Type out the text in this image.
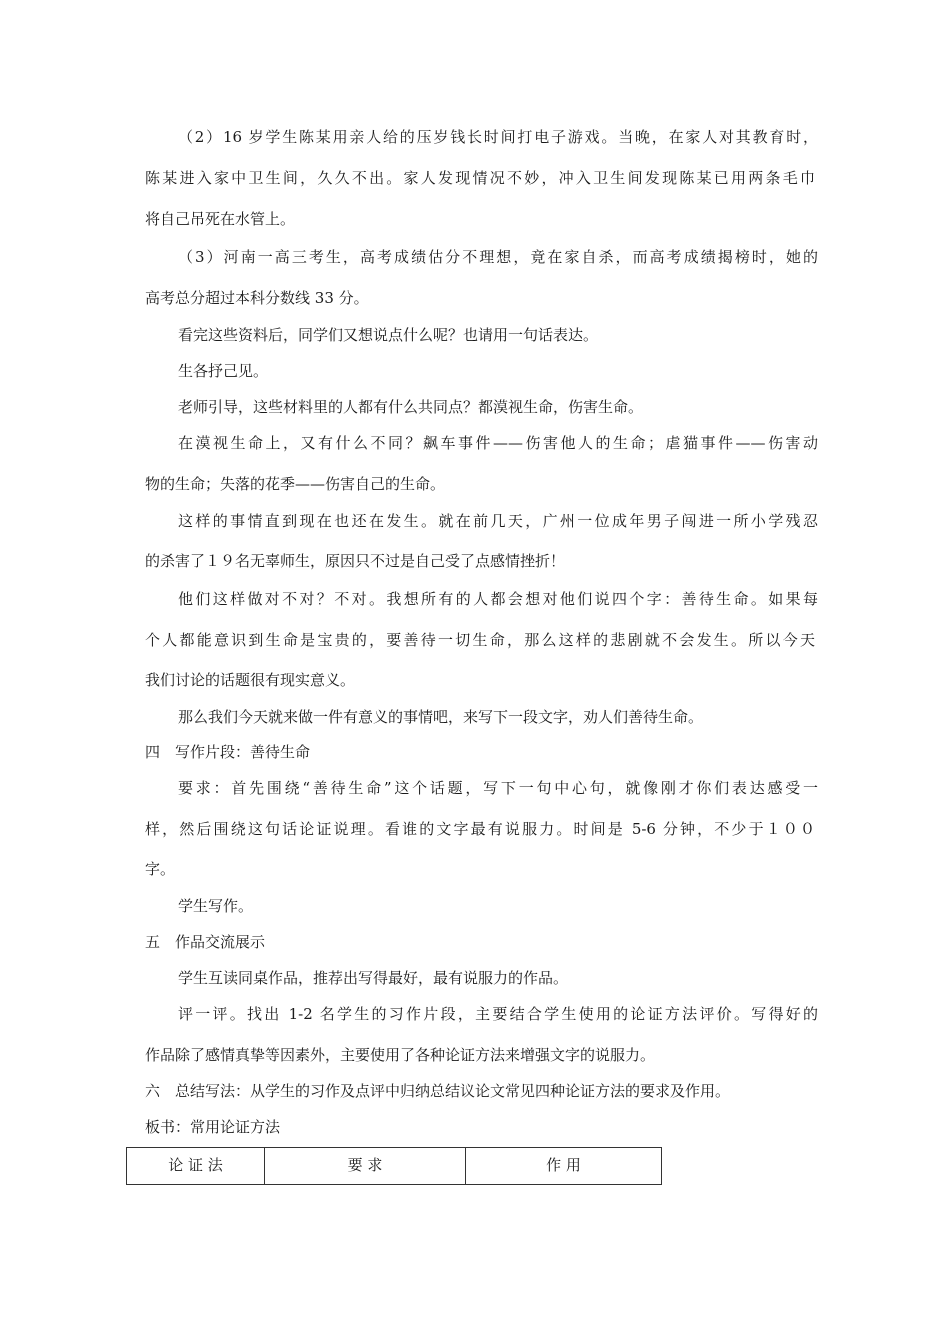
（2）16 岁学生陈某用亲人给的压岁钱长时间打电子游戏。当晚，在家人对其教育时，
陈某进入家中卫生间，久久不出。家人发现情况不妙，冲入卫生间发现陈某已用两条毛巾
将自己吊死在水管上。
（3）河南一高三考生，高考成绩估分不理想，竟在家自杀，而高考成绩揭榜时，她的
高考总分超过本科分数线 33 分。
看完这些资料后，同学们又想说点什么呢？也请用一句话表达。
生各抒己见。
老师引导，这些材料里的人都有什么共同点？都漠视生命，伤害生命。
在漠视生命上，又有什么不同？飙车事件——伤害他人的生命；虐猫事件——伤害动
物的生命；失落的花季——伤害自己的生命。
这样的事情直到现在也还在发生。就在前几天，广州一位成年男子闯进一所小学残忍
的杀害了１９名无辜师生，原因只不过是自己受了点感情挫折！
他们这样做对不对？不对。我想所有的人都会想对他们说四个字：善待生命。如果每
个人都能意识到生命是宝贵的，要善待一切生命，那么这样的悲剧就不会发生。所以今天
我们讨论的话题很有现实意义。
那么我们今天就来做一件有意义的事情吧，来写下一段文字，劝人们善待生命。
四　写作片段：善待生命
要求：首先围绕“善待生命”这个话题，写下一句中心句，就像刚才你们表达感受一
样，然后围绕这句话论证说理。看谁的文字最有说服力。时间是 5-6 分钟，不少于１００
字。
学生写作。
五　作品交流展示
学生互读同桌作品，推荐出写得最好，最有说服力的作品。
评一评。找出 1-2 名学生的习作片段，主要结合学生使用的论证方法评价。写得好的
作品除了感情真挚等因素外，主要使用了各种论证方法来增强文字的说服力。
六　总结写法：从学生的习作及点评中归纳总结议论文常见四种论证方法的要求及作用。
板书：常用论证方法
论 证 法	要 求	作 用
